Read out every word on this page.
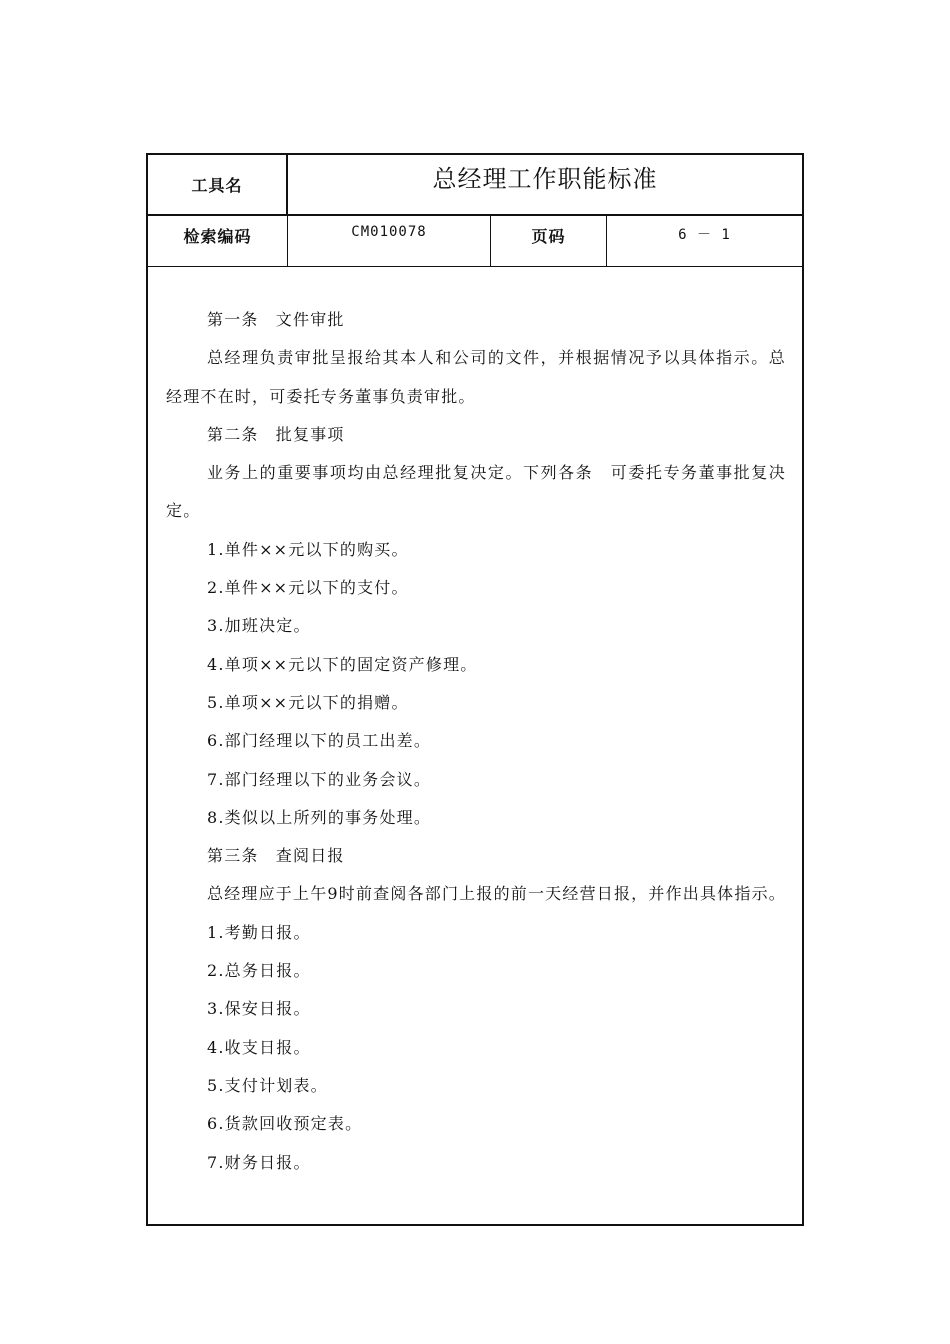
工具名	总经理工作职能标准
检索编码	CM010078	页码	6 － 1

第一条　文件审批

总经理负责审批呈报给其本人和公司的文件，并根据情况予以具体指示。总经理不在时，可委托专务董事负责审批。

第二条　批复事项

业务上的重要事项均由总经理批复决定。下列各条　可委托专务董事批复决定。

1.单件××元以下的购买。

2.单件××元以下的支付。

3.加班决定。

4.单项××元以下的固定资产修理。

5.单项××元以下的捐赠。

6.部门经理以下的员工出差。

7.部门经理以下的业务会议。

8.类似以上所列的事务处理。

第三条　查阅日报

总经理应于上午9时前查阅各部门上报的前一天经营日报，并作出具体指示。

1.考勤日报。

2.总务日报。

3.保安日报。

4.收支日报。

5.支付计划表。

6.货款回收预定表。

7.财务日报。
